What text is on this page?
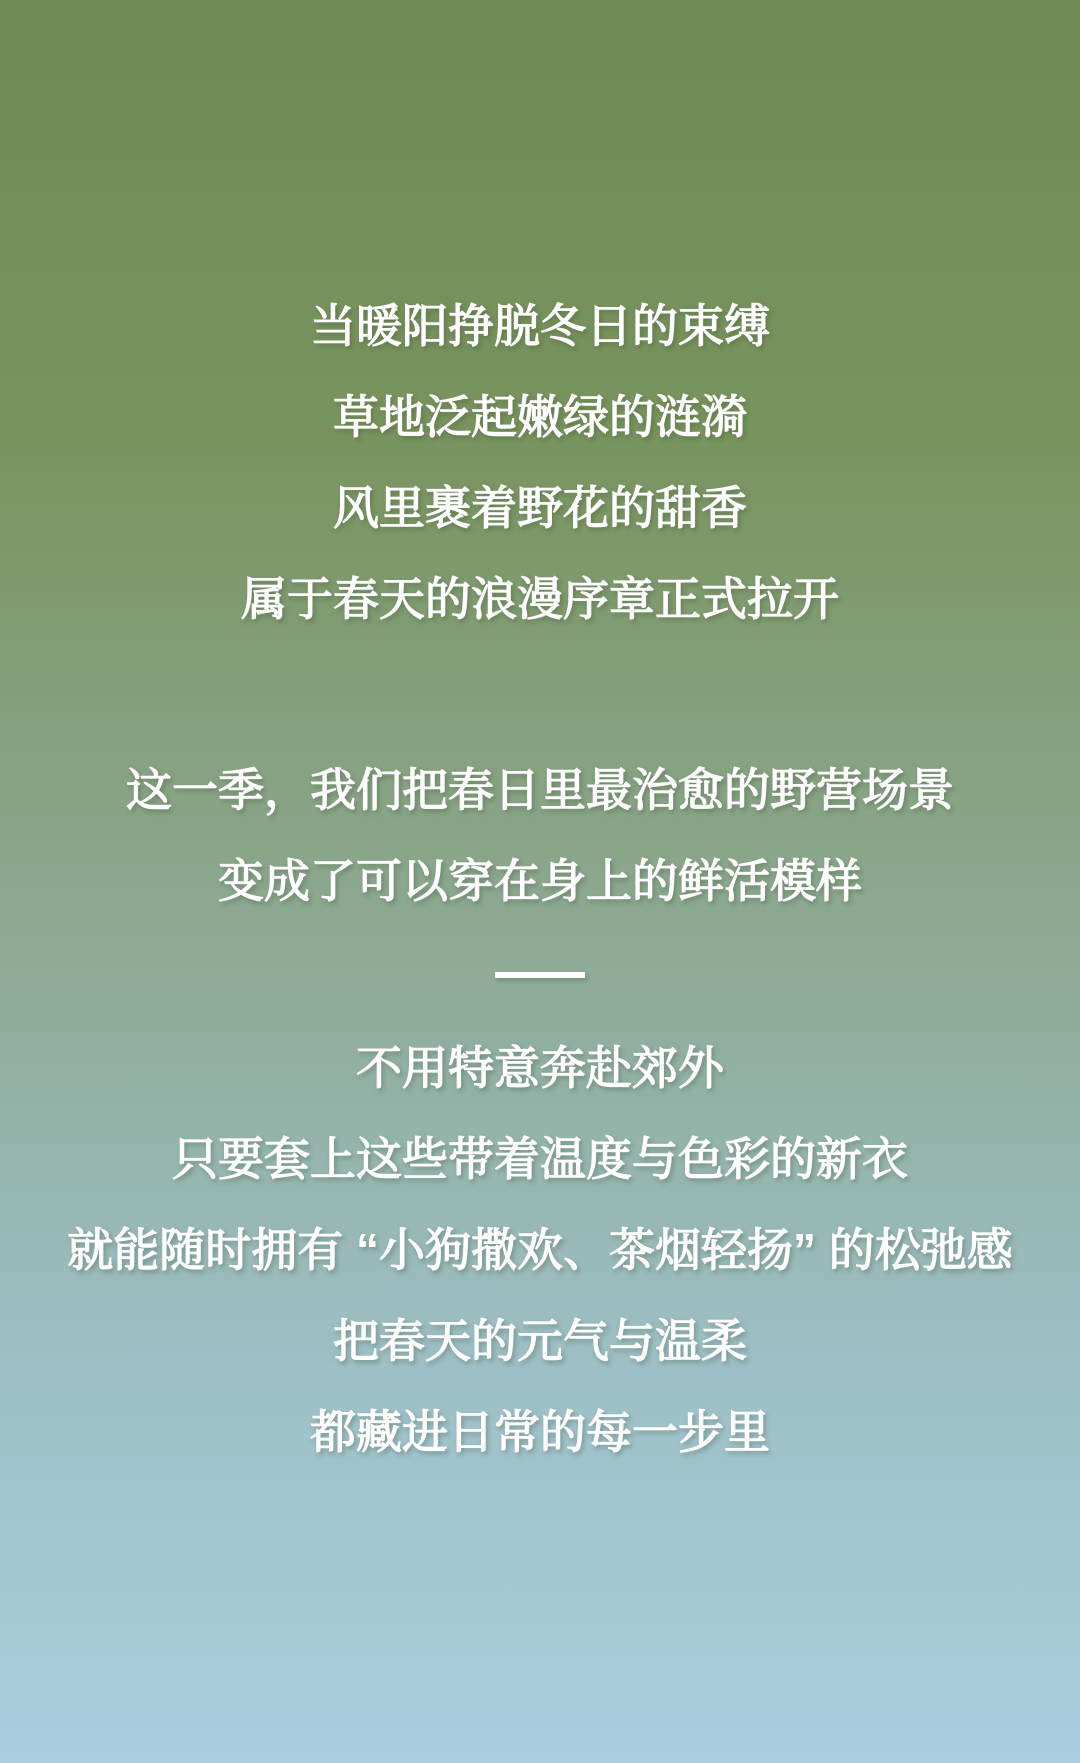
当暖阳挣脱冬日的束缚

草地泛起嫩绿的涟漪

风里裹着野花的甜香

属于春天的浪漫序章正式拉开

这一季，我们把春日里最治愈的野营场景

变成了可以穿在身上的鲜活模样

不用特意奔赴郊外

只要套上这些带着温度与色彩的新衣

就能随时拥有 “小狗撒欢、茶烟轻扬” 的松弛感

把春天的元气与温柔

都藏进日常的每一步里
